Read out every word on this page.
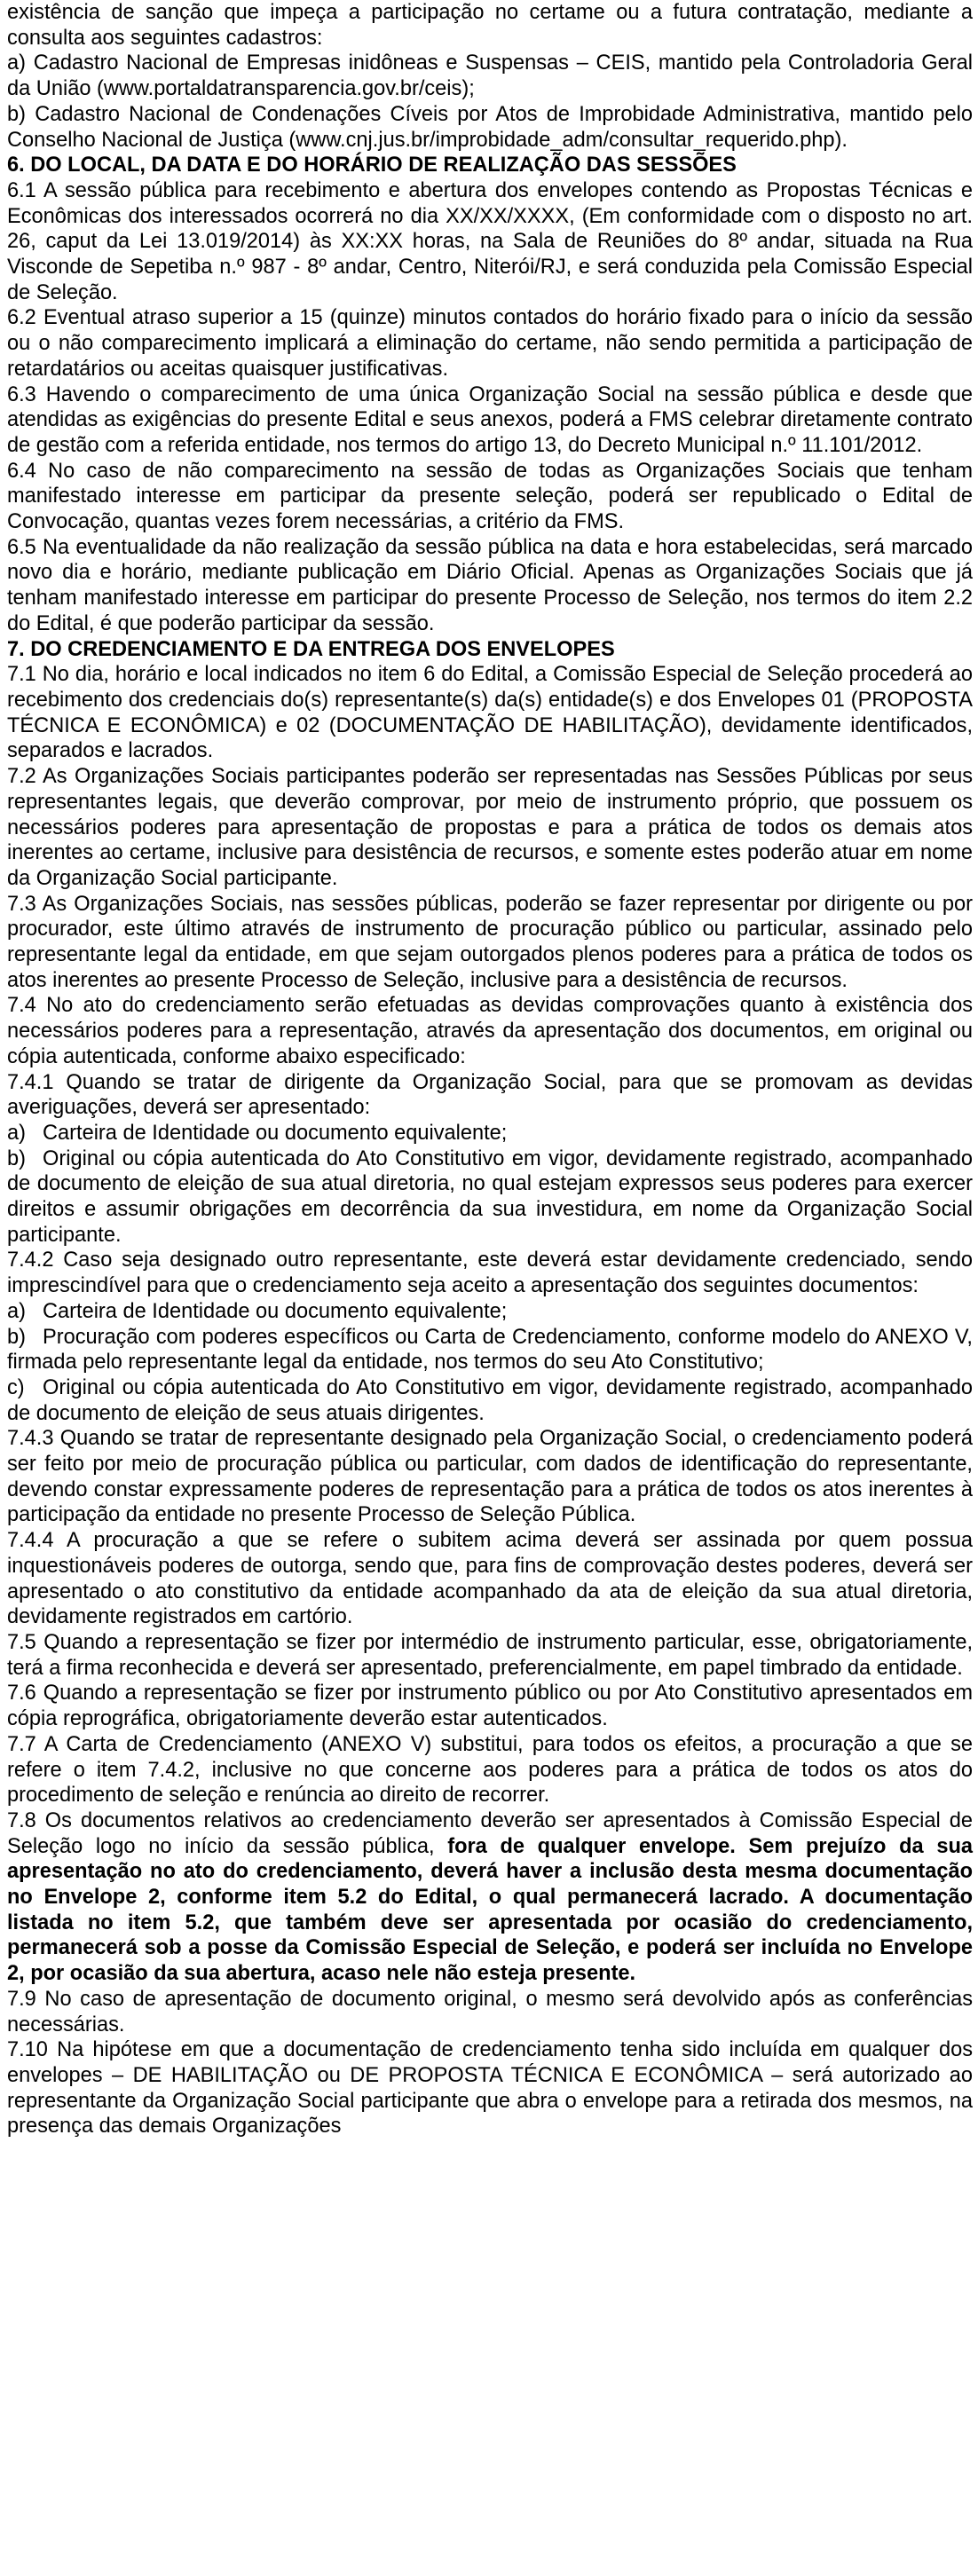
existência de sanção que impeça a participação no certame ou a futura contratação, mediante a consulta aos seguintes cadastros:

a) Cadastro Nacional de Empresas inidôneas e Suspensas – CEIS, mantido pela Controladoria Geral da União (www.portaldatransparencia.gov.br/ceis);

b) Cadastro Nacional de Condenações Cíveis por Atos de Improbidade Administrativa, mantido pelo Conselho Nacional de Justiça (www.cnj.jus.br/improbidade_adm/consultar_requerido.php).

6. DO LOCAL, DA DATA E DO HORÁRIO DE REALIZAÇÃO DAS SESSÕES

6.1 A sessão pública para recebimento e abertura dos envelopes contendo as Propostas Técnicas e Econômicas dos interessados ocorrerá no dia XX/XX/XXXX, (Em conformidade com o disposto no art. 26, caput da Lei 13.019/2014) às XX:XX horas, na Sala de Reuniões do 8º andar, situada na Rua Visconde de Sepetiba n.º 987 - 8º andar, Centro, Niterói/RJ, e será conduzida pela Comissão Especial de Seleção.

6.2 Eventual atraso superior a 15 (quinze) minutos contados do horário fixado para o início da sessão ou o não comparecimento implicará a eliminação do certame, não sendo permitida a participação de retardatários ou aceitas quaisquer justificativas.

6.3 Havendo o comparecimento de uma única Organização Social na sessão pública e desde que atendidas as exigências do presente Edital e seus anexos, poderá a FMS celebrar diretamente contrato de gestão com a referida entidade, nos termos do artigo 13, do Decreto Municipal n.º 11.101/2012.

6.4 No caso de não comparecimento na sessão de todas as Organizações Sociais que tenham manifestado interesse em participar da presente seleção, poderá ser republicado o Edital de Convocação, quantas vezes forem necessárias, a critério da FMS.

6.5 Na eventualidade da não realização da sessão pública na data e hora estabelecidas, será marcado novo dia e horário, mediante publicação em Diário Oficial. Apenas as Organizações Sociais que já tenham manifestado interesse em participar do presente Processo de Seleção, nos termos do item 2.2 do Edital, é que poderão participar da sessão.

7. DO CREDENCIAMENTO E DA ENTREGA DOS ENVELOPES

7.1 No dia, horário e local indicados no item 6 do Edital, a Comissão Especial de Seleção procederá ao recebimento dos credenciais do(s) representante(s) da(s) entidade(s) e dos Envelopes 01 (PROPOSTA TÉCNICA E ECONÔMICA) e 02 (DOCUMENTAÇÃO DE HABILITAÇÃO), devidamente identificados, separados e lacrados.

7.2 As Organizações Sociais participantes poderão ser representadas nas Sessões Públicas por seus representantes legais, que deverão comprovar, por meio de instrumento próprio, que possuem os necessários poderes para apresentação de propostas e para a prática de todos os demais atos inerentes ao certame, inclusive para desistência de recursos, e somente estes poderão atuar em nome da Organização Social participante.

7.3 As Organizações Sociais, nas sessões públicas, poderão se fazer representar por dirigente ou por procurador, este último através de instrumento de procuração público ou particular, assinado pelo representante legal da entidade, em que sejam outorgados plenos poderes para a prática de todos os atos inerentes ao presente Processo de Seleção, inclusive para a desistência de recursos.

7.4 No ato do credenciamento serão efetuadas as devidas comprovações quanto à existência dos necessários poderes para a representação, através da apresentação dos documentos, em original ou cópia autenticada, conforme abaixo especificado:

7.4.1 Quando se tratar de dirigente da Organização Social, para que se promovam as devidas averiguações, deverá ser apresentado:

a) Carteira de Identidade ou documento equivalente;

b) Original ou cópia autenticada do Ato Constitutivo em vigor, devidamente registrado, acompanhado de documento de eleição de sua atual diretoria, no qual estejam expressos seus poderes para exercer direitos e assumir obrigações em decorrência da sua investidura, em nome da Organização Social participante.

7.4.2 Caso seja designado outro representante, este deverá estar devidamente credenciado, sendo imprescindível para que o credenciamento seja aceito a apresentação dos seguintes documentos:

a) Carteira de Identidade ou documento equivalente;

b) Procuração com poderes específicos ou Carta de Credenciamento, conforme modelo do ANEXO V, firmada pelo representante legal da entidade, nos termos do seu Ato Constitutivo;

c) Original ou cópia autenticada do Ato Constitutivo em vigor, devidamente registrado, acompanhado de documento de eleição de seus atuais dirigentes.

7.4.3 Quando se tratar de representante designado pela Organização Social, o credenciamento poderá ser feito por meio de procuração pública ou particular, com dados de identificação do representante, devendo constar expressamente poderes de representação para a prática de todos os atos inerentes à participação da entidade no presente Processo de Seleção Pública.

7.4.4 A procuração a que se refere o subitem acima deverá ser assinada por quem possua inquestionáveis poderes de outorga, sendo que, para fins de comprovação destes poderes, deverá ser apresentado o ato constitutivo da entidade acompanhado da ata de eleição da sua atual diretoria, devidamente registrados em cartório.

7.5 Quando a representação se fizer por intermédio de instrumento particular, esse, obrigatoriamente, terá a firma reconhecida e deverá ser apresentado, preferencialmente, em papel timbrado da entidade.

7.6 Quando a representação se fizer por instrumento público ou por Ato Constitutivo apresentados em cópia reprográfica, obrigatoriamente deverão estar autenticados.

7.7 A Carta de Credenciamento (ANEXO V) substitui, para todos os efeitos, a procuração a que se refere o item 7.4.2, inclusive no que concerne aos poderes para a prática de todos os atos do procedimento de seleção e renúncia ao direito de recorrer.

7.8 Os documentos relativos ao credenciamento deverão ser apresentados à Comissão Especial de Seleção logo no início da sessão pública, fora de qualquer envelope. Sem prejuízo da sua apresentação no ato do credenciamento, deverá haver a inclusão desta mesma documentação no Envelope 2, conforme item 5.2 do Edital, o qual permanecerá lacrado. A documentação listada no item 5.2, que também deve ser apresentada por ocasião do credenciamento, permanecerá sob a posse da Comissão Especial de Seleção, e poderá ser incluída no Envelope 2, por ocasião da sua abertura, acaso nele não esteja presente.

7.9 No caso de apresentação de documento original, o mesmo será devolvido após as conferências necessárias.

7.10 Na hipótese em que a documentação de credenciamento tenha sido incluída em qualquer dos envelopes – DE HABILITAÇÃO ou DE PROPOSTA TÉCNICA E ECONÔMICA – será autorizado ao representante da Organização Social participante que abra o envelope para a retirada dos mesmos, na presença das demais Organizações
